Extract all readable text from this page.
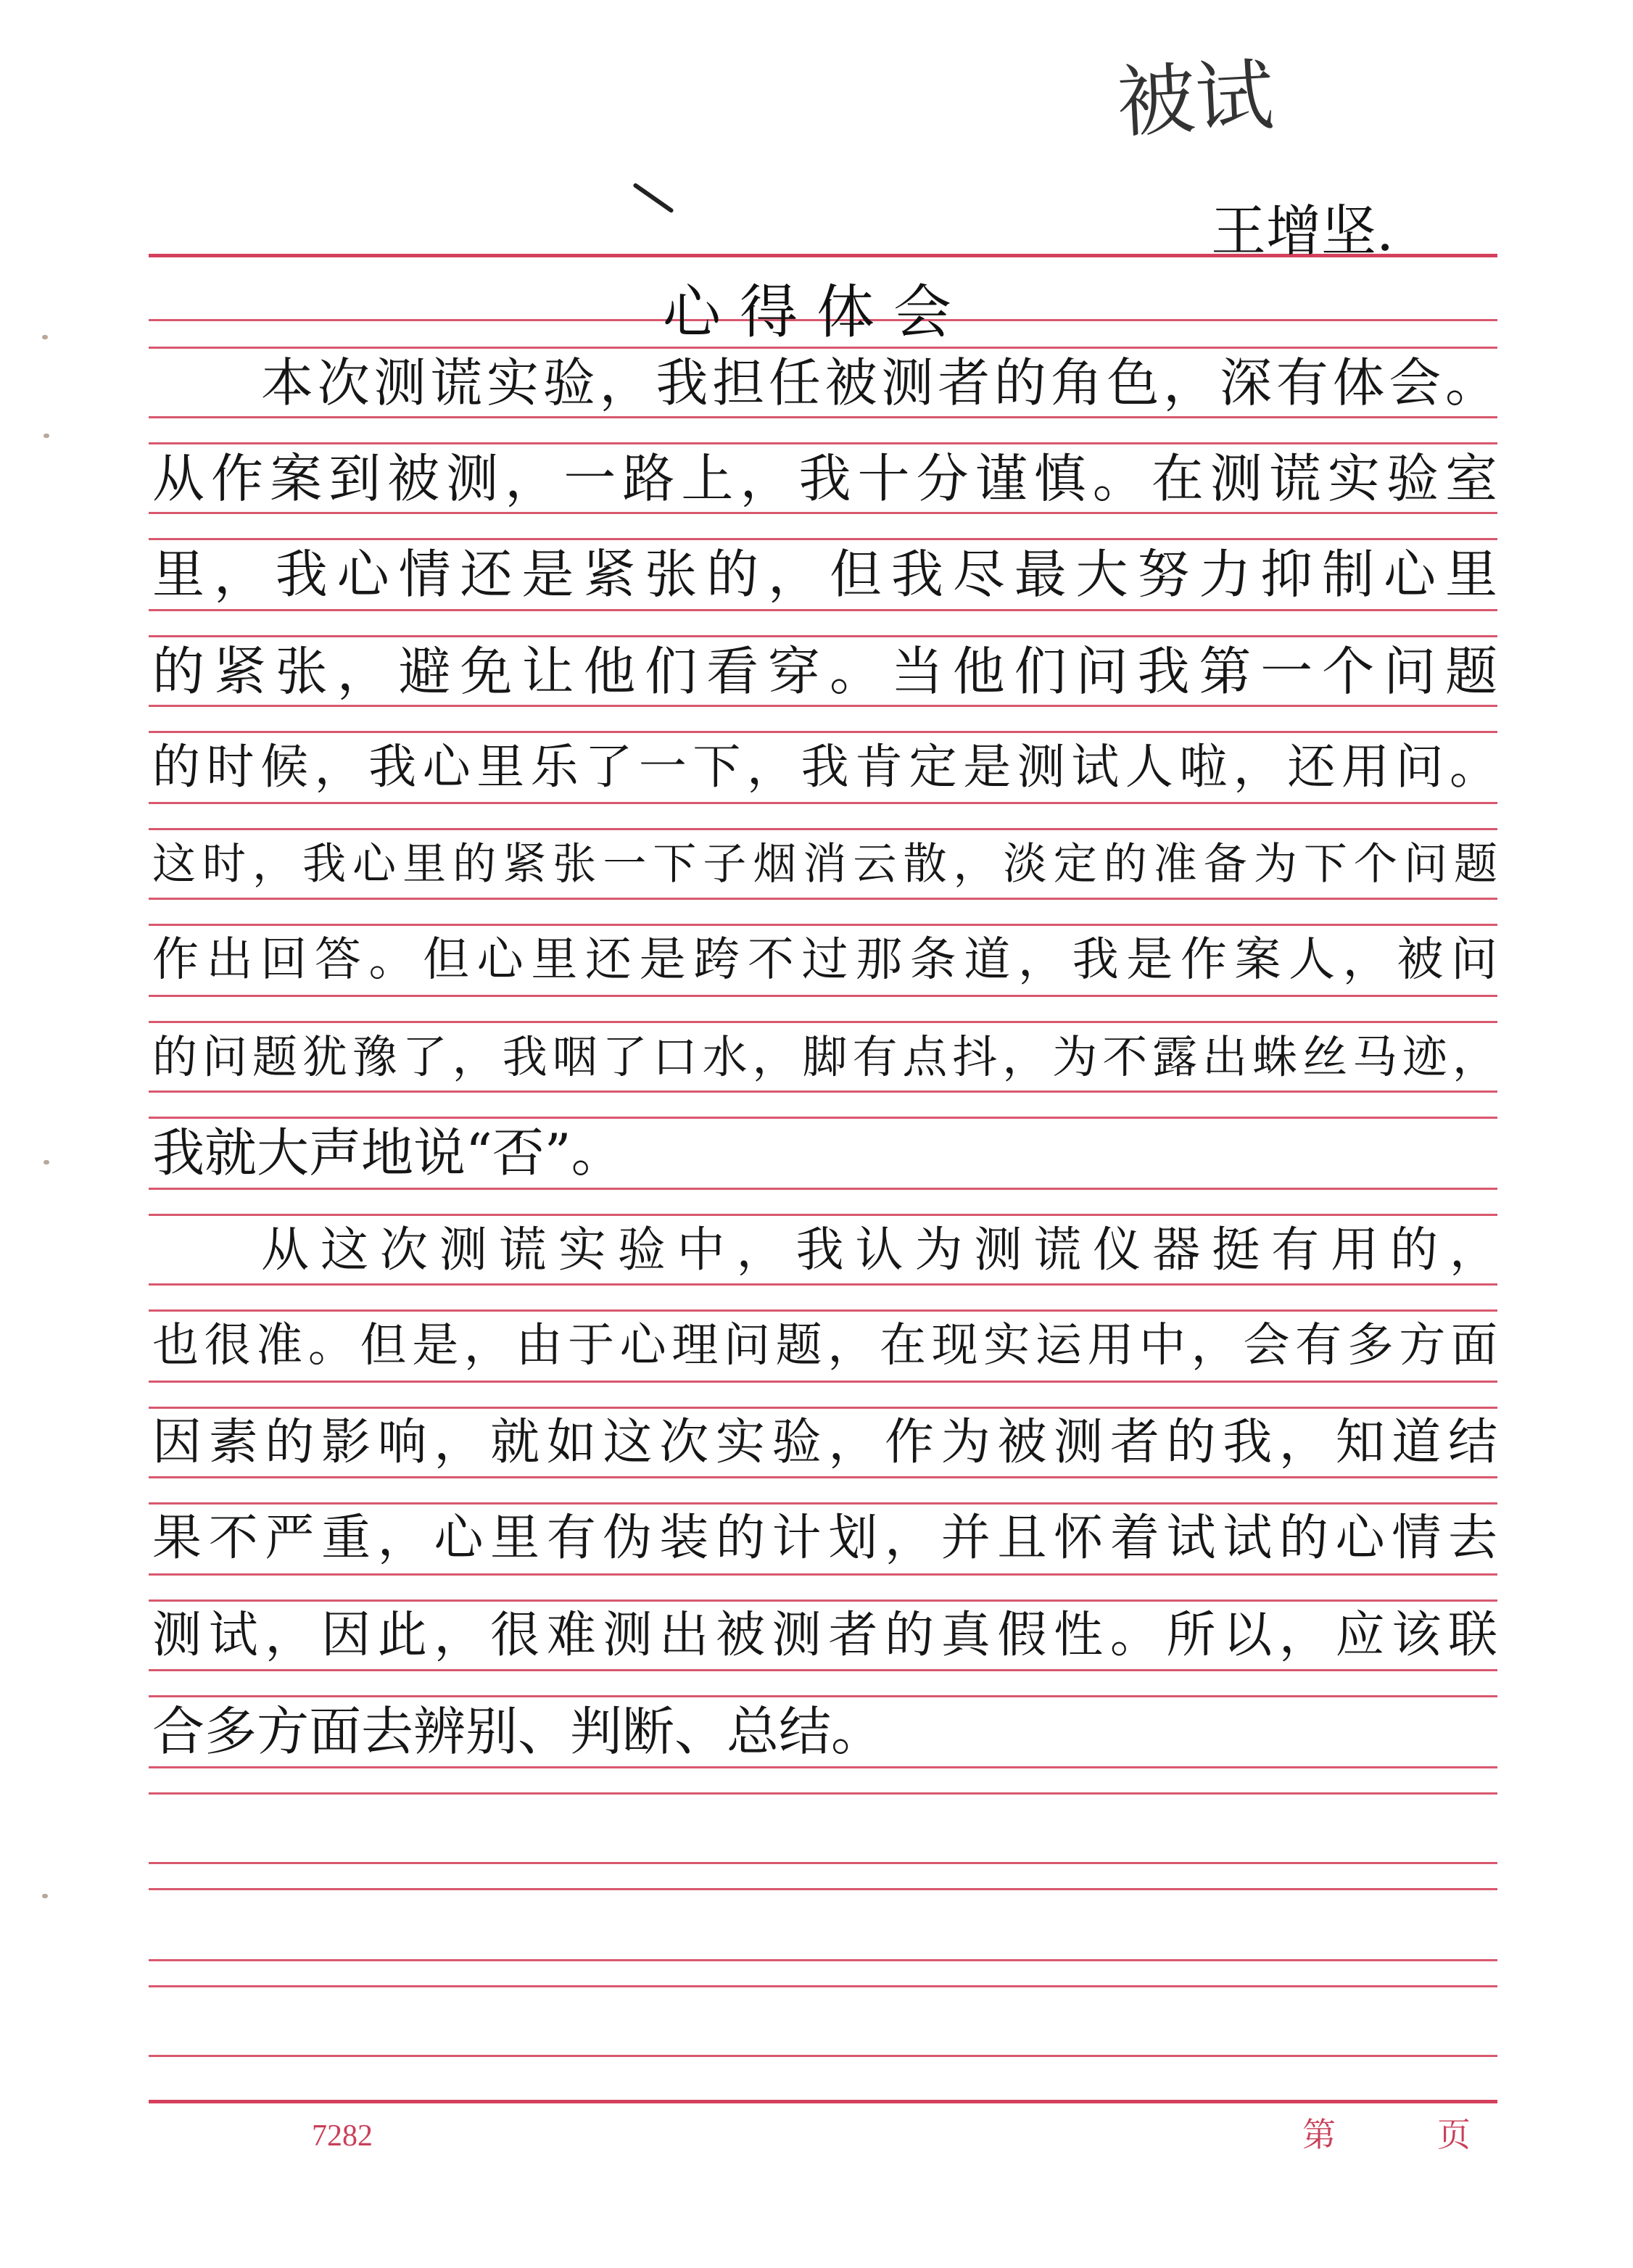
被试
王增坚.
心得体会
本次测谎实验，我担任被测者的角色，深有体会。
从作案到被测，一路上，我十分谨慎。在测谎实验室
里，我心情还是紧张的，但我尽最大努力抑制心里
的紧张，避免让他们看穿。当他们问我第一个问题
的时候，我心里乐了一下，我肯定是测试人啦，还用问。
这时，我心里的紧张一下子烟消云散，淡定的准备为下个问题
作出回答。但心里还是跨不过那条道，我是作案人，被问
的问题犹豫了，我咽了口水，脚有点抖，为不露出蛛丝马迹，
我就大声地说“否”。
从这次测谎实验中，我认为测谎仪器挺有用的，
也很准。但是，由于心理问题，在现实运用中，会有多方面
因素的影响，就如这次实验，作为被测者的我，知道结
果不严重，心里有伪装的计划，并且怀着试试的心情去
测试，因此，很难测出被测者的真假性。所以，应该联
合多方面去辨别、判断、总结。
7282	第	页
